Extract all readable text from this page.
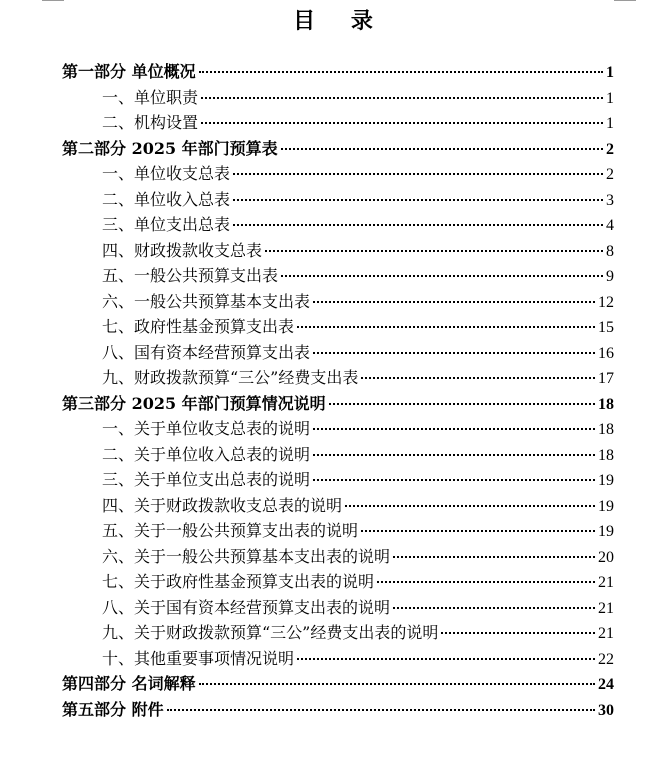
目 录
第一部分 单位概况	1
一、单位职责	1
二、机构设置	1
第二部分 2025 年部门预算表	2
一、单位收支总表	2
二、单位收入总表	3
三、单位支出总表	4
四、财政拨款收支总表	8
五、一般公共预算支出表	9
六、一般公共预算基本支出表	12
七、政府性基金预算支出表	15
八、国有资本经营预算支出表	16
九、财政拨款预算“三公”经费支出表	17
第三部分 2025 年部门预算情况说明	18
一、关于单位收支总表的说明	18
二、关于单位收入总表的说明	18
三、关于单位支出总表的说明	19
四、关于财政拨款收支总表的说明	19
五、关于一般公共预算支出表的说明	19
六、关于一般公共预算基本支出表的说明	20
七、关于政府性基金预算支出表的说明	21
八、关于国有资本经营预算支出表的说明	21
九、关于财政拨款预算“三公”经费支出表的说明	21
十、其他重要事项情况说明	22
第四部分 名词解释	24
第五部分 附件	30
